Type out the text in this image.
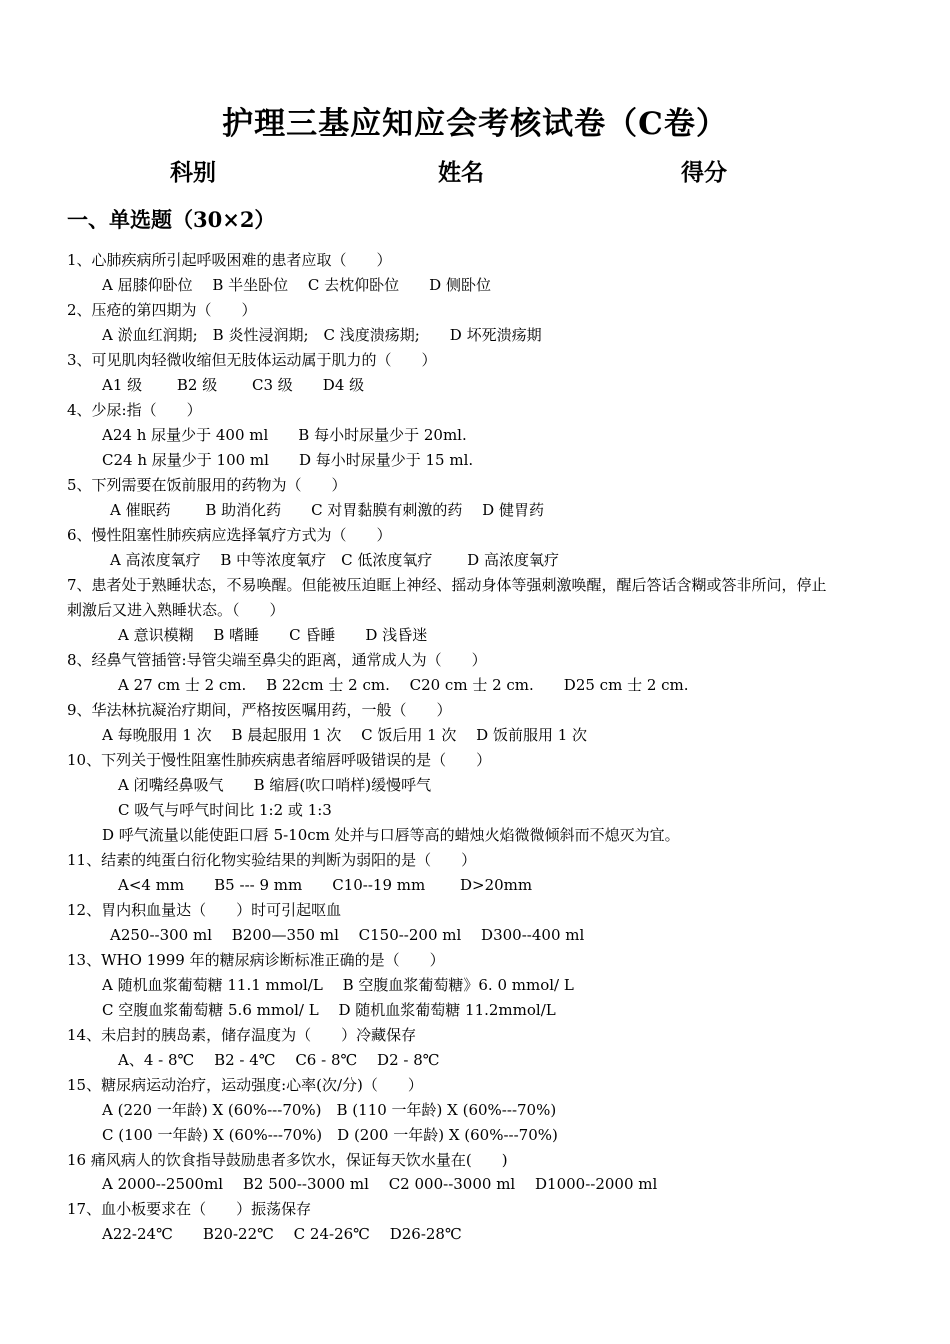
护理三基应知应会考核试卷（C卷）
科别	姓名	得分
一、单选题（30×2）
1、心肺疾病所引起呼吸困难的患者应取（　　）
A 屈膝仰卧位　 B 半坐卧位　 C 去枕仰卧位　　D 侧卧位
2、压疮的第四期为（　　）
A 淤血红润期;　B 炎性浸润期;　C 浅度溃疡期;　　D 坏死溃疡期
3、可见肌肉轻微收缩但无肢体运动属于肌力的（　　）
A1 级　　 B2 级　　 C3 级　　D4 级
4、少尿:指（　　）
A24 h 尿量少于 400 ml　　B 每小时尿量少于 20ml.
C24 h 尿量少于 100 ml　　D 每小时尿量少于 15 ml.
5、下列需要在饭前服用的药物为（　　）
A 催眠药　　 B 助消化药　　C 对胃黏膜有刺激的药　 D 健胃药
6、慢性阻塞性肺疾病应选择氧疗方式为（　　）
A 高浓度氧疗　 B 中等浓度氧疗　C 低浓度氧疗　　 D 高浓度氧疗
7、患者处于熟睡状态，不易唤醒。但能被压迫眶上神经、摇动身体等强刺激唤醒，醒后答话含糊或答非所问，停止
刺激后又进入熟睡状态。（　　）
A 意识模糊　 B 嗜睡　　C 昏睡　　D 浅昏迷
8、经鼻气管插管:导管尖端至鼻尖的距离，通常成人为（　　）
A 27 cm 士 2 cm.　 B 22cm 士 2 cm.　 C20 cm 士 2 cm.　　D25 cm 士 2 cm.
9、华法林抗凝治疗期间，严格按医嘱用药，一般（　　）
A 每晚服用 1 次　 B 晨起服用 1 次　 C 饭后用 1 次　 D 饭前服用 1 次
10、下列关于慢性阻塞性肺疾病患者缩唇呼吸错误的是（　　）
A 闭嘴经鼻吸气　　B 缩唇(吹口哨样)缓慢呼气
C 吸气与呼气时间比 1:2 或 1:3
D 呼气流量以能使距口唇 5-10cm 处并与口唇等高的蜡烛火焰微微倾斜而不熄灭为宜。
11、结素的纯蛋白衍化物实验结果的判断为弱阳的是（　　）
A<4 mm　　B5 --- 9 mm　　C10--19 mm　　 D>20mm
12、胃内积血量达（　　）时可引起呕血
A250--300 ml　 B200—350 ml　 C150--200 ml　 D300--400 ml
13、WHO 1999 年的糖尿病诊断标准正确的是（　　）
A 随机血浆葡萄糖 11.1 mmol/L　 B 空腹血浆葡萄糖》6. 0 mmol/ L
C 空腹血浆葡萄糖 5.6 mmol/ L　 D 随机血浆葡萄糖 11.2mmol/L
14、未启封的胰岛素，储存温度为（　　）冷藏保存
A、4 - 8℃　 B2 - 4℃　 C6 - 8℃　 D2 - 8℃
15、糖尿病运动治疗，运动强度:心率(次/分)（　　）
A (220 一年龄) X (60%---70%)　B (110 一年龄) X (60%---70%)
C (100 一年龄) X (60%---70%)　D (200 一年龄) X (60%---70%)
16 痛风病人的饮食指导鼓励患者多饮水，保证每天饮水量在(　　)
A 2000--2500ml　 B2 500--3000 ml　 C2 000--3000 ml　 D1000--2000 ml
17、血小板要求在（　　）振荡保存
A22-24℃　　B20-22℃　 C 24-26℃　 D26-28℃
